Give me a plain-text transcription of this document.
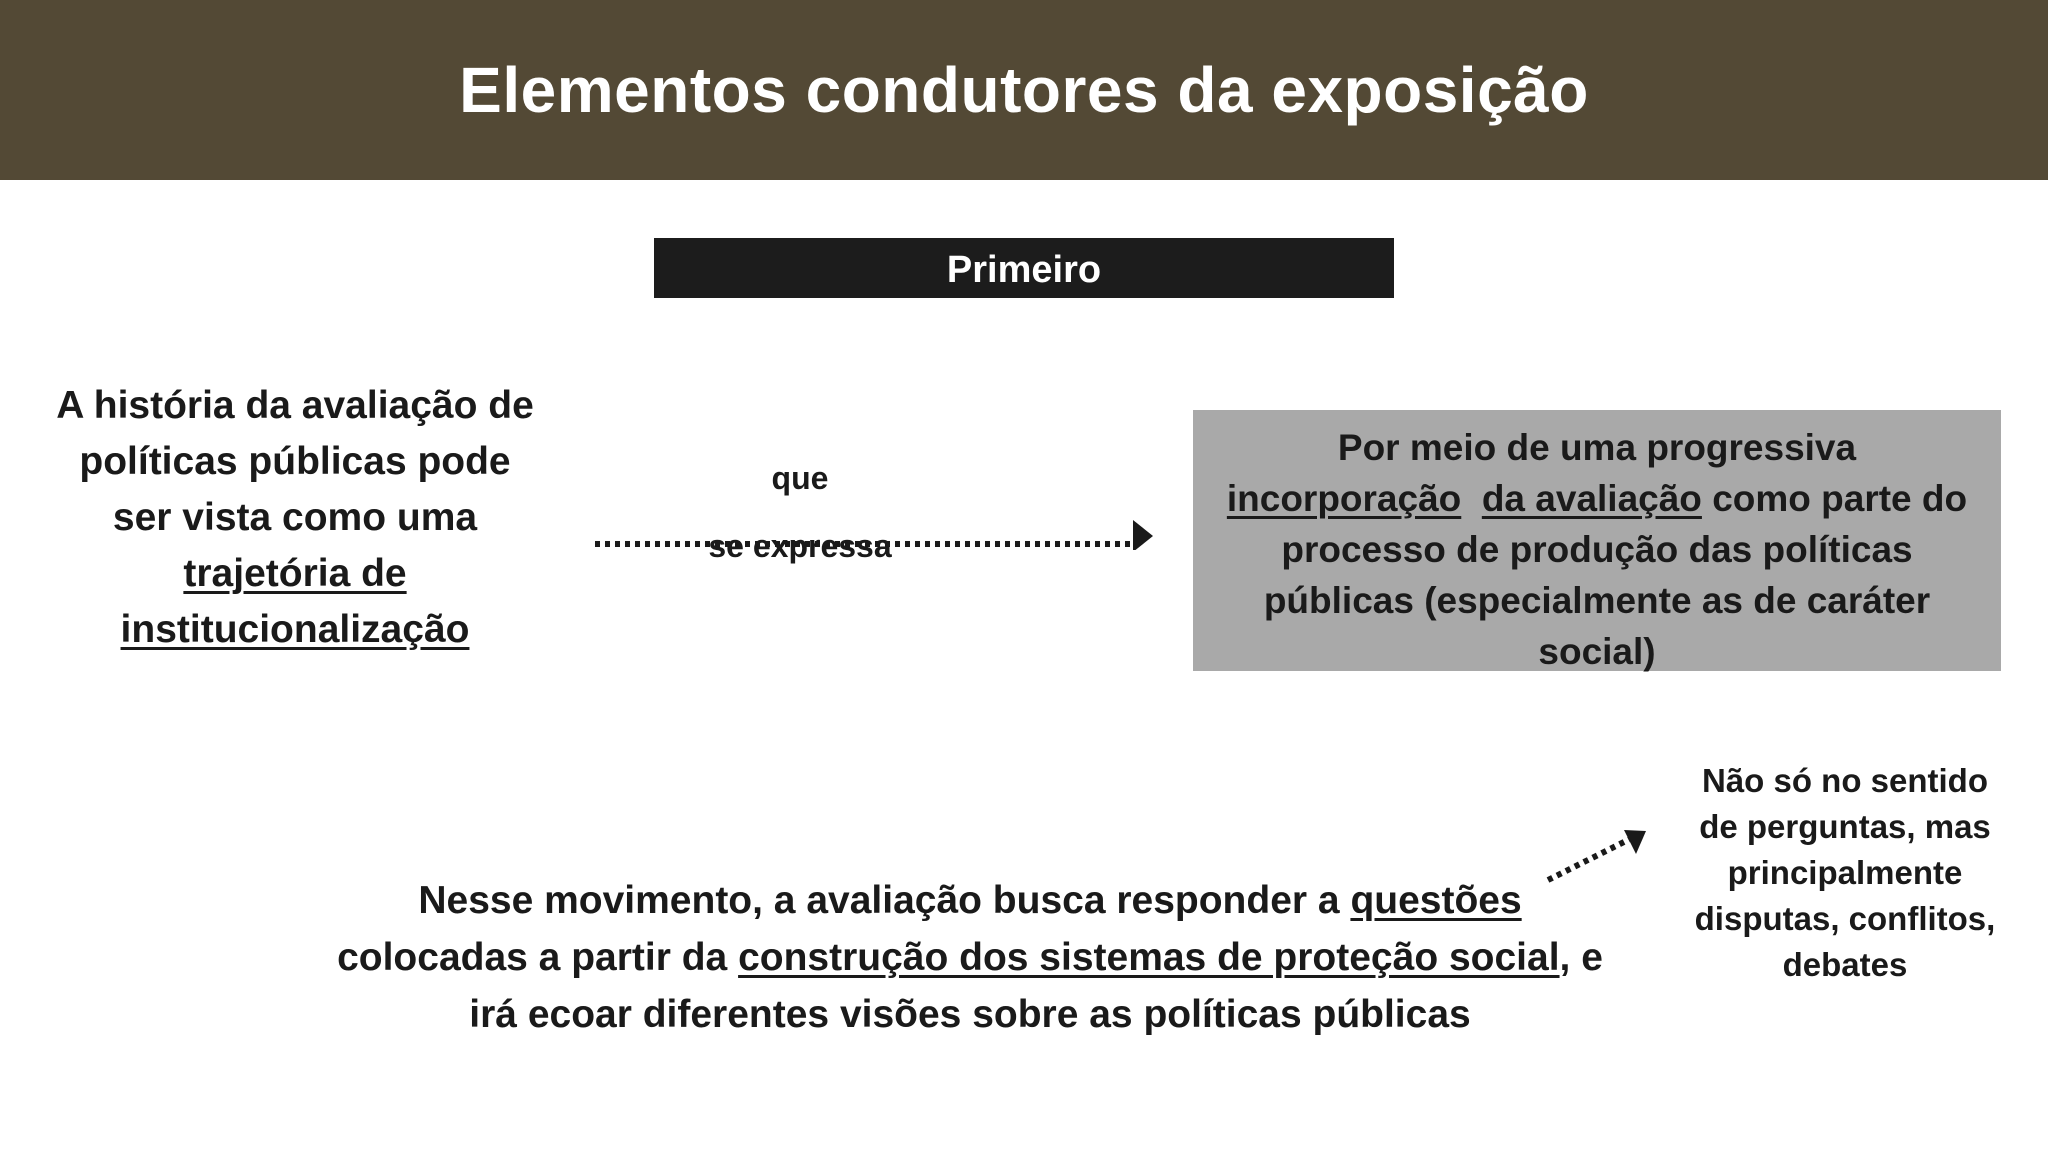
Elementos condutores da exposição
Primeiro
A história da avaliação de
políticas públicas pode
ser vista como uma
trajetória de
institucionalização
que
se expressa
Por meio de uma progressiva
incorporação da avaliação como parte do
processo de produção das políticas
públicas (especialmente as de caráter
social)
Nesse movimento, a avaliação busca responder a questões
colocadas a partir da construção dos sistemas de proteção social, e
irá ecoar diferentes visões sobre as políticas públicas
Não só no sentido
de perguntas, mas
principalmente
disputas, conflitos,
debates
